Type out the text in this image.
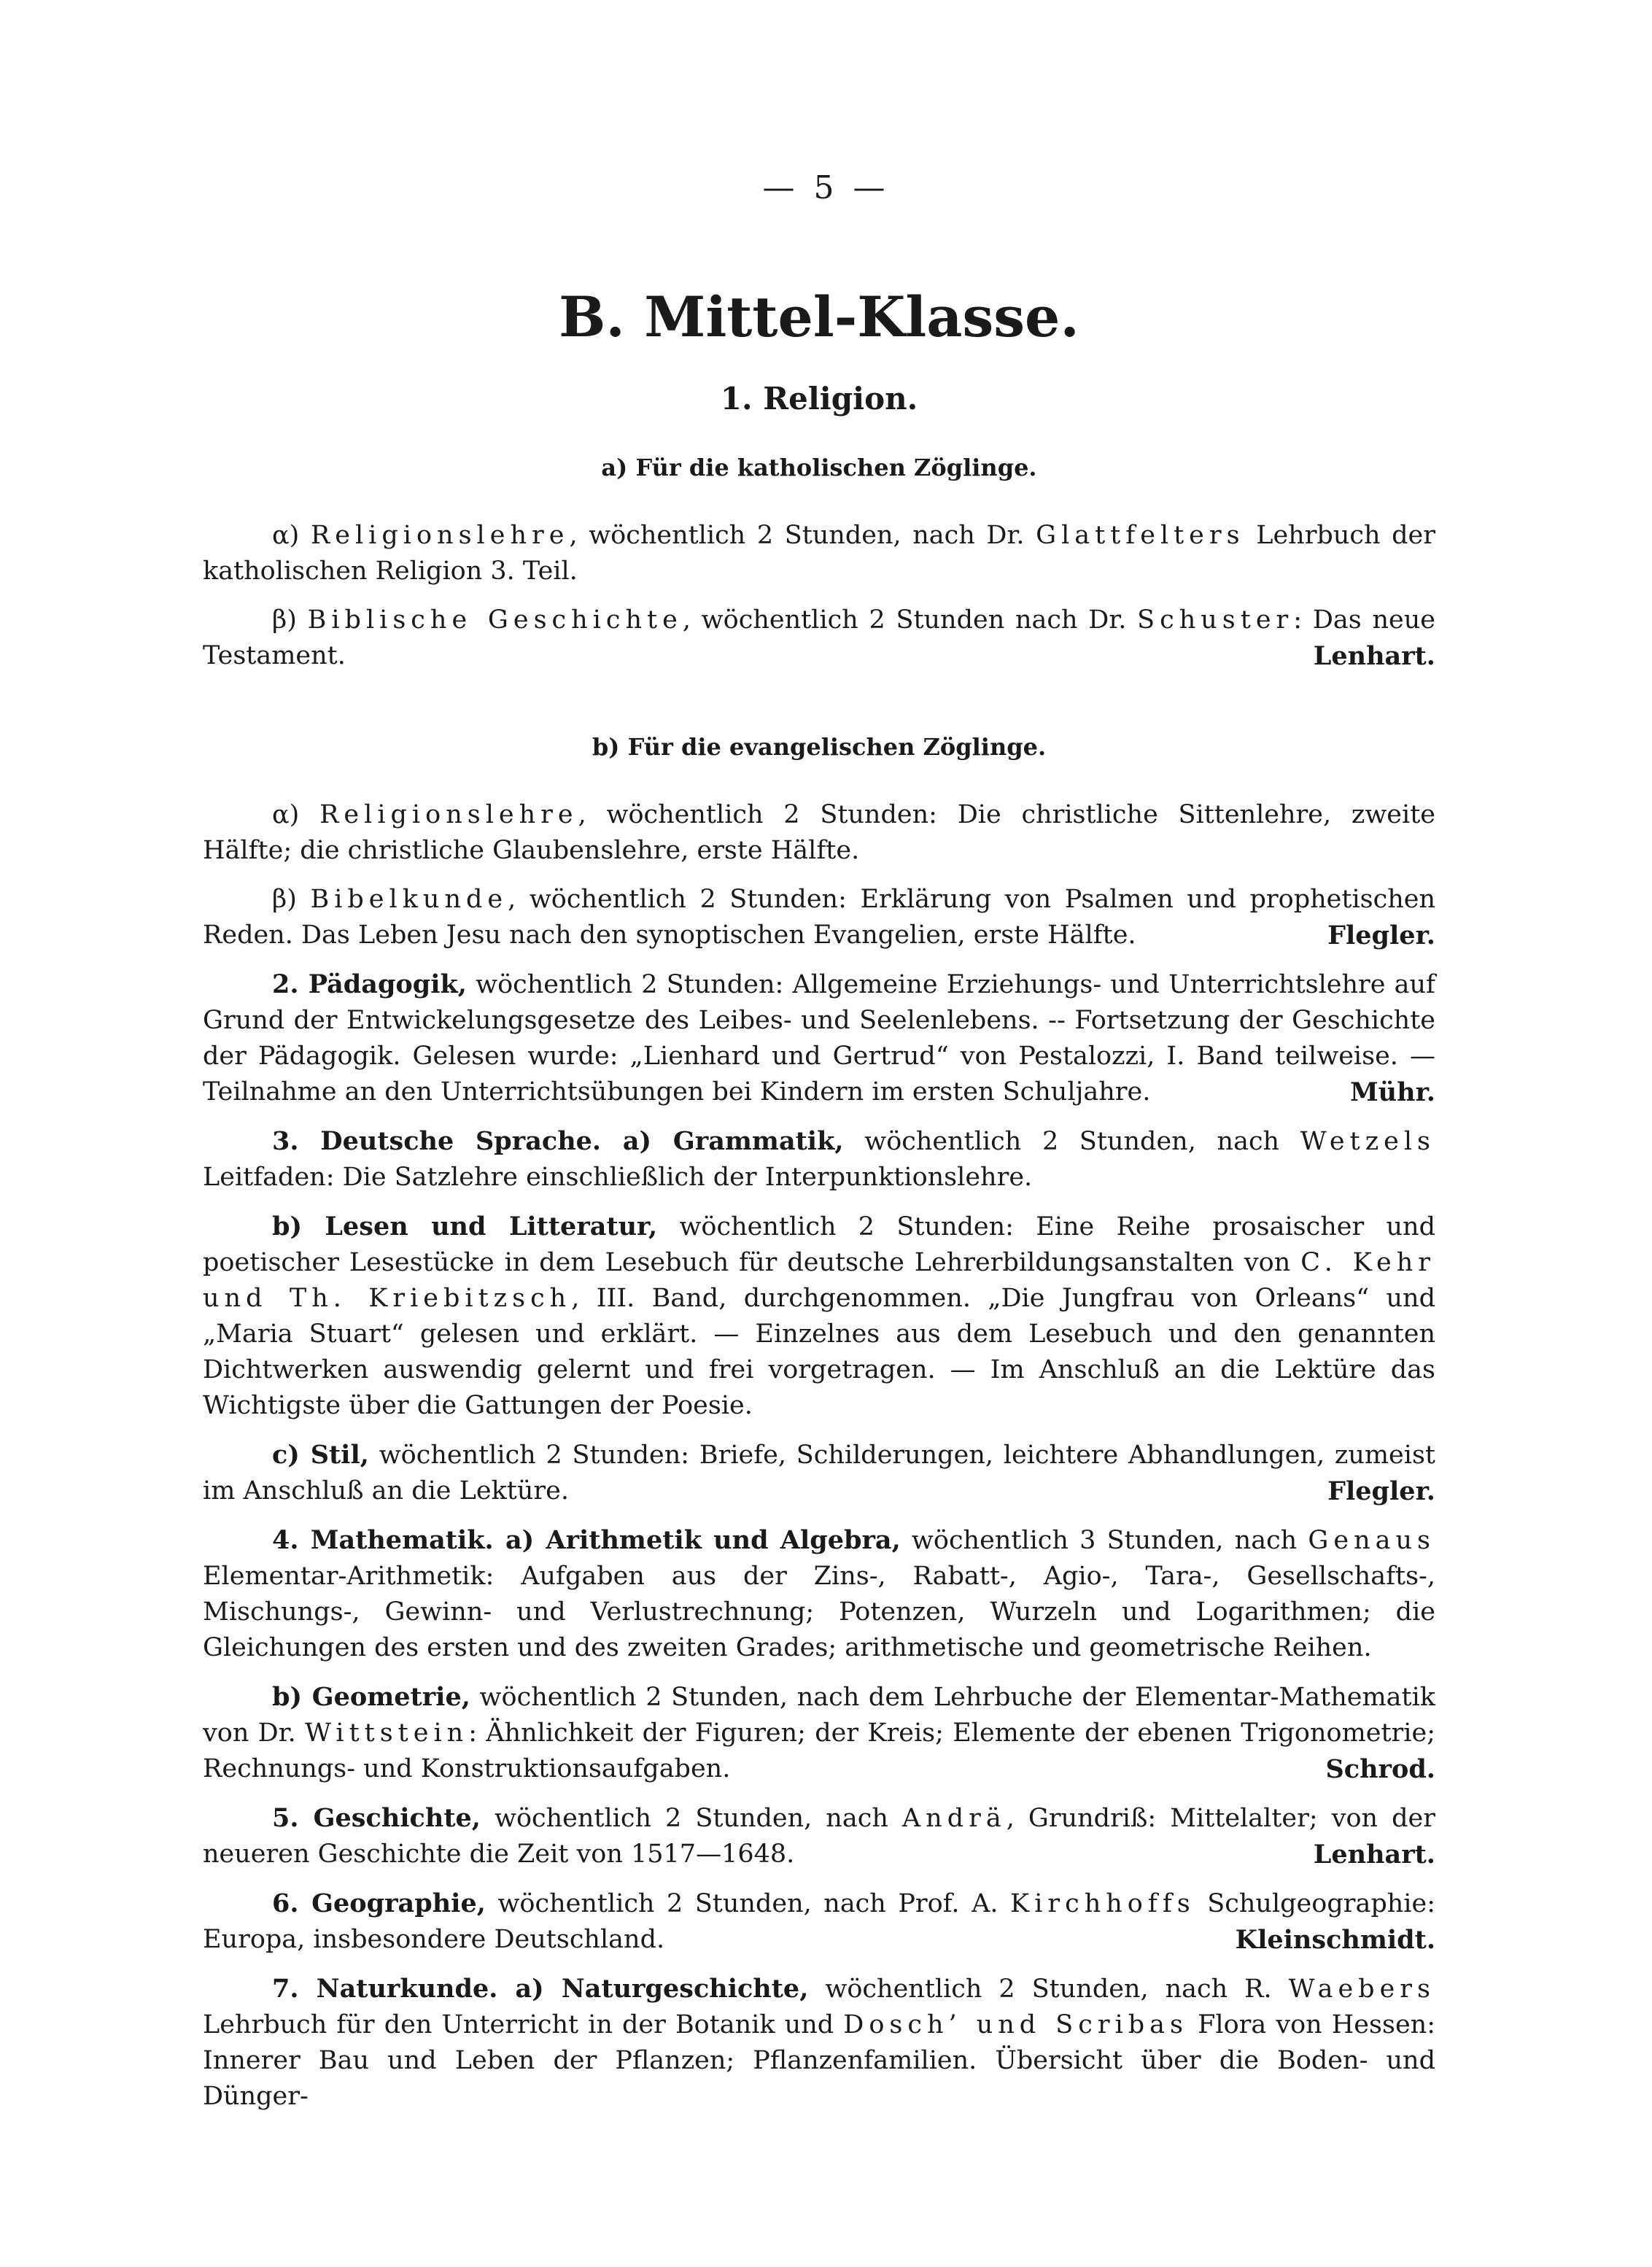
— 5 —
B. Mittel-Klasse.
1. Religion.
a) Für die katholischen Zöglinge.

α) Religionslehre, wöchentlich 2 Stunden, nach Dr. Glattfelters Lehrbuch der katholischen Religion 3. Teil.

β) Biblische Geschichte, wöchentlich 2 Stunden nach Dr. Schuster: Das neue Testament.	Lenhart.

b) Für die evangelischen Zöglinge.

α) Religionslehre, wöchentlich 2 Stunden: Die christliche Sittenlehre, zweite Hälfte; die christliche Glaubenslehre, erste Hälfte.

β) Bibelkunde, wöchentlich 2 Stunden: Erklärung von Psalmen und prophetischen Reden. Das Leben Jesu nach den synoptischen Evangelien, erste Hälfte.	Flegler.

2. Pädagogik, wöchentlich 2 Stunden: Allgemeine Erziehungs- und Unterrichtslehre auf Grund der Entwickelungsgesetze des Leibes- und Seelenlebens. -- Fortsetzung der Geschichte der Pädagogik. Gelesen wurde: „Lienhard und Gertrud“ von Pestalozzi, I. Band teilweise. — Teilnahme an den Unterrichtsübungen bei Kindern im ersten Schuljahre.	Mühr.

3. Deutsche Sprache. a) Grammatik, wöchentlich 2 Stunden, nach Wetzels Leitfaden: Die Satzlehre einschließlich der Interpunktionslehre.

b) Lesen und Litteratur, wöchentlich 2 Stunden: Eine Reihe prosaischer und poetischer Lesestücke in dem Lesebuch für deutsche Lehrerbildungsanstalten von C. Kehr und Th. Kriebitzsch, III. Band, durchgenommen. „Die Jungfrau von Orleans“ und „Maria Stuart“ gelesen und erklärt. — Einzelnes aus dem Lesebuch und den genannten Dichtwerken auswendig gelernt und frei vorgetragen. — Im Anschluß an die Lektüre das Wichtigste über die Gattungen der Poesie.

c) Stil, wöchentlich 2 Stunden: Briefe, Schilderungen, leichtere Abhandlungen, zumeist im Anschluß an die Lektüre.	Flegler.

4. Mathematik. a) Arithmetik und Algebra, wöchentlich 3 Stunden, nach Genaus Elementar-Arithmetik: Aufgaben aus der Zins-, Rabatt-, Agio-, Tara-, Gesellschafts-, Mischungs-, Gewinn- und Verlustrechnung; Potenzen, Wurzeln und Logarithmen; die Gleichungen des ersten und des zweiten Grades; arithmetische und geometrische Reihen.

b) Geometrie, wöchentlich 2 Stunden, nach dem Lehrbuche der Elementar-Mathematik von Dr. Wittstein: Ähnlichkeit der Figuren; der Kreis; Elemente der ebenen Trigonometrie; Rechnungs- und Konstruktionsaufgaben.	Schrod.

5. Geschichte, wöchentlich 2 Stunden, nach Andrä, Grundriß: Mittelalter; von der neueren Geschichte die Zeit von 1517—1648.	Lenhart.

6. Geographie, wöchentlich 2 Stunden, nach Prof. A. Kirchhoffs Schulgeographie: Europa, insbesondere Deutschland.	Kleinschmidt.

7. Naturkunde. a) Naturgeschichte, wöchentlich 2 Stunden, nach R. Waebers Lehrbuch für den Unterricht in der Botanik und Dosch’ und Scribas Flora von Hessen: Innerer Bau und Leben der Pflanzen; Pflanzenfamilien. Übersicht über die Boden- und Dünger-
